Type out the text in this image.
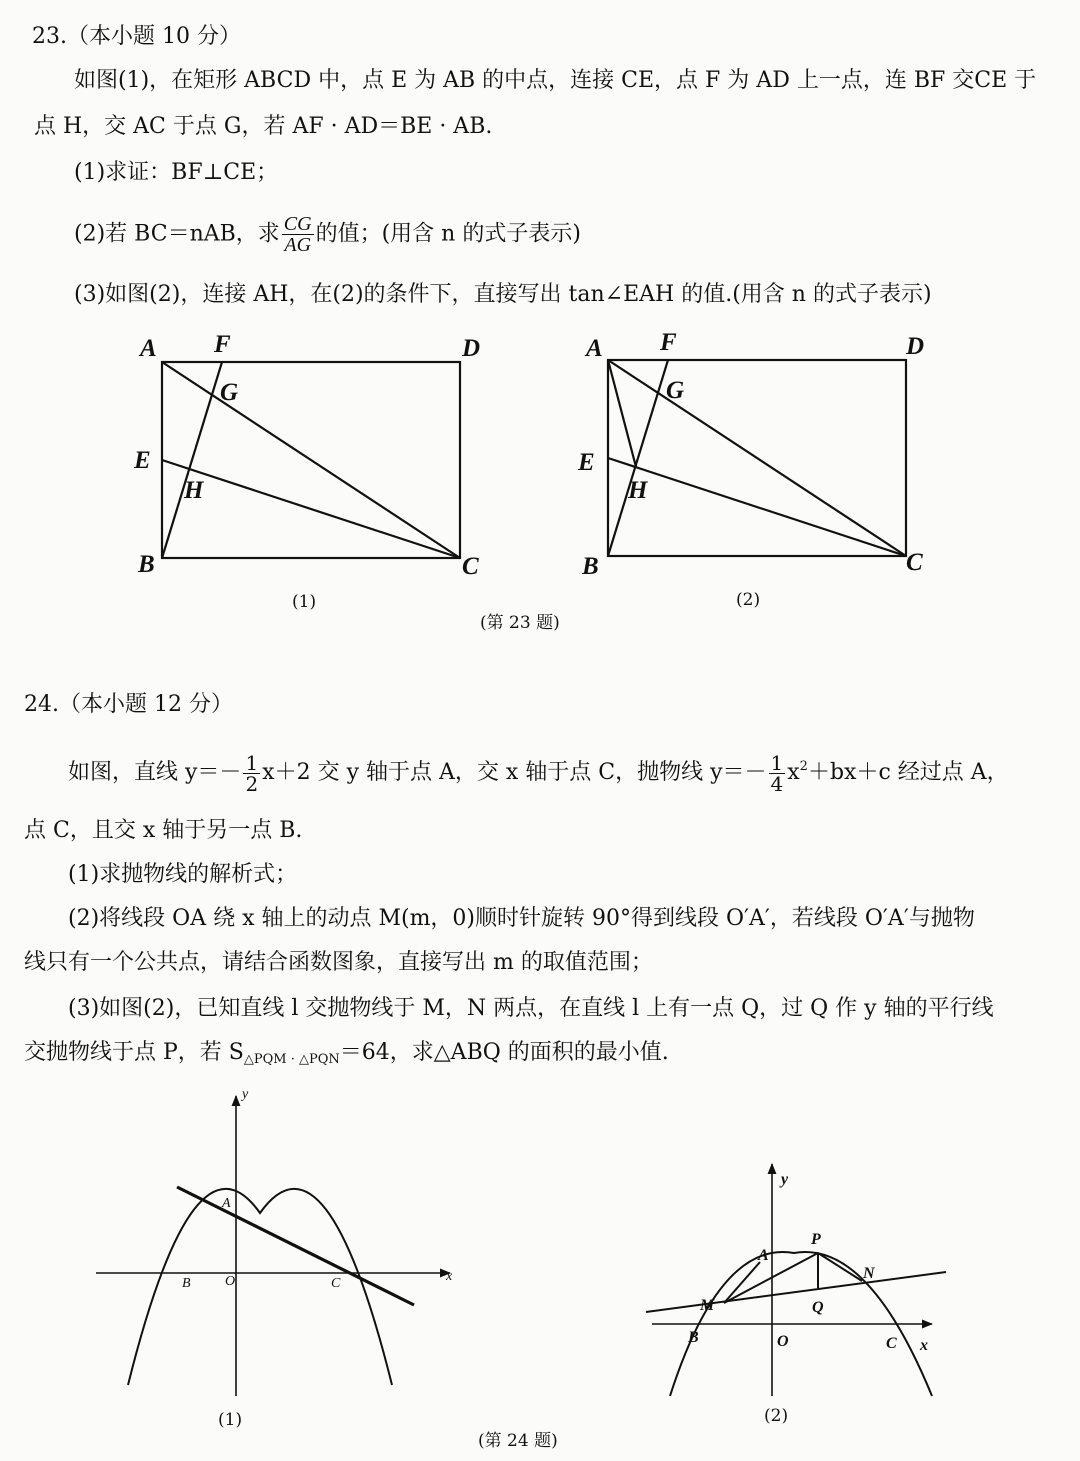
23.（本小题 10 分）
如图(1)，在矩形 ABCD 中，点 E 为 AB 的中点，连接 CE，点 F 为 AD 上一点，连 BF 交CE 于
点 H，交 AC 于点 G，若 AF · AD＝BE · AB.
(1)求证：BF⊥CE；
(2)若 BC＝nAB，求 $\frac{CG}{AG}$ 的值；(用含 n 的式子表示)
(3)如图(2)，连接 AH，在(2)的条件下，直接写出 tan∠EAH 的值.(用含 n 的式子表示)
A F	D
G
E
H
B	C
(1)
A F	D
G
E
H
B	C
(2)
(第 23 题)
24.（本小题 12 分）
如图，直线 $y=- \frac{1}{2} x+2$ 交 y 轴于点 A，交 x 轴于点 C，抛物线 $y=- \frac{1}{4} x^2+bx+c$ 经过点 A，
点 C，且交 x 轴于另一点 B.
(1)求抛物线的解析式；
(2)将线段 OA 绕 x 轴上的动点 M(m，0)顺时针旋转 90°得到线段 O′A′，若线段 O′A′与抛物
线只有一个公共点，请结合函数图象，直接写出 m 的取值范围；
(3)如图(2)，已知直线 l 交抛物线于 M，N 两点，在直线 l 上有一点 Q，过 Q 作 y 轴的平行线
交抛物线于点 P，若 $S_{\triangle PQM \cdot \triangle PQN}=64$，求△ABQ 的面积的最小值.
y
x
A
B O	C
(1)
y
x
A
P
N
M	Q
B	O	C
(2)
(第 24 题)
